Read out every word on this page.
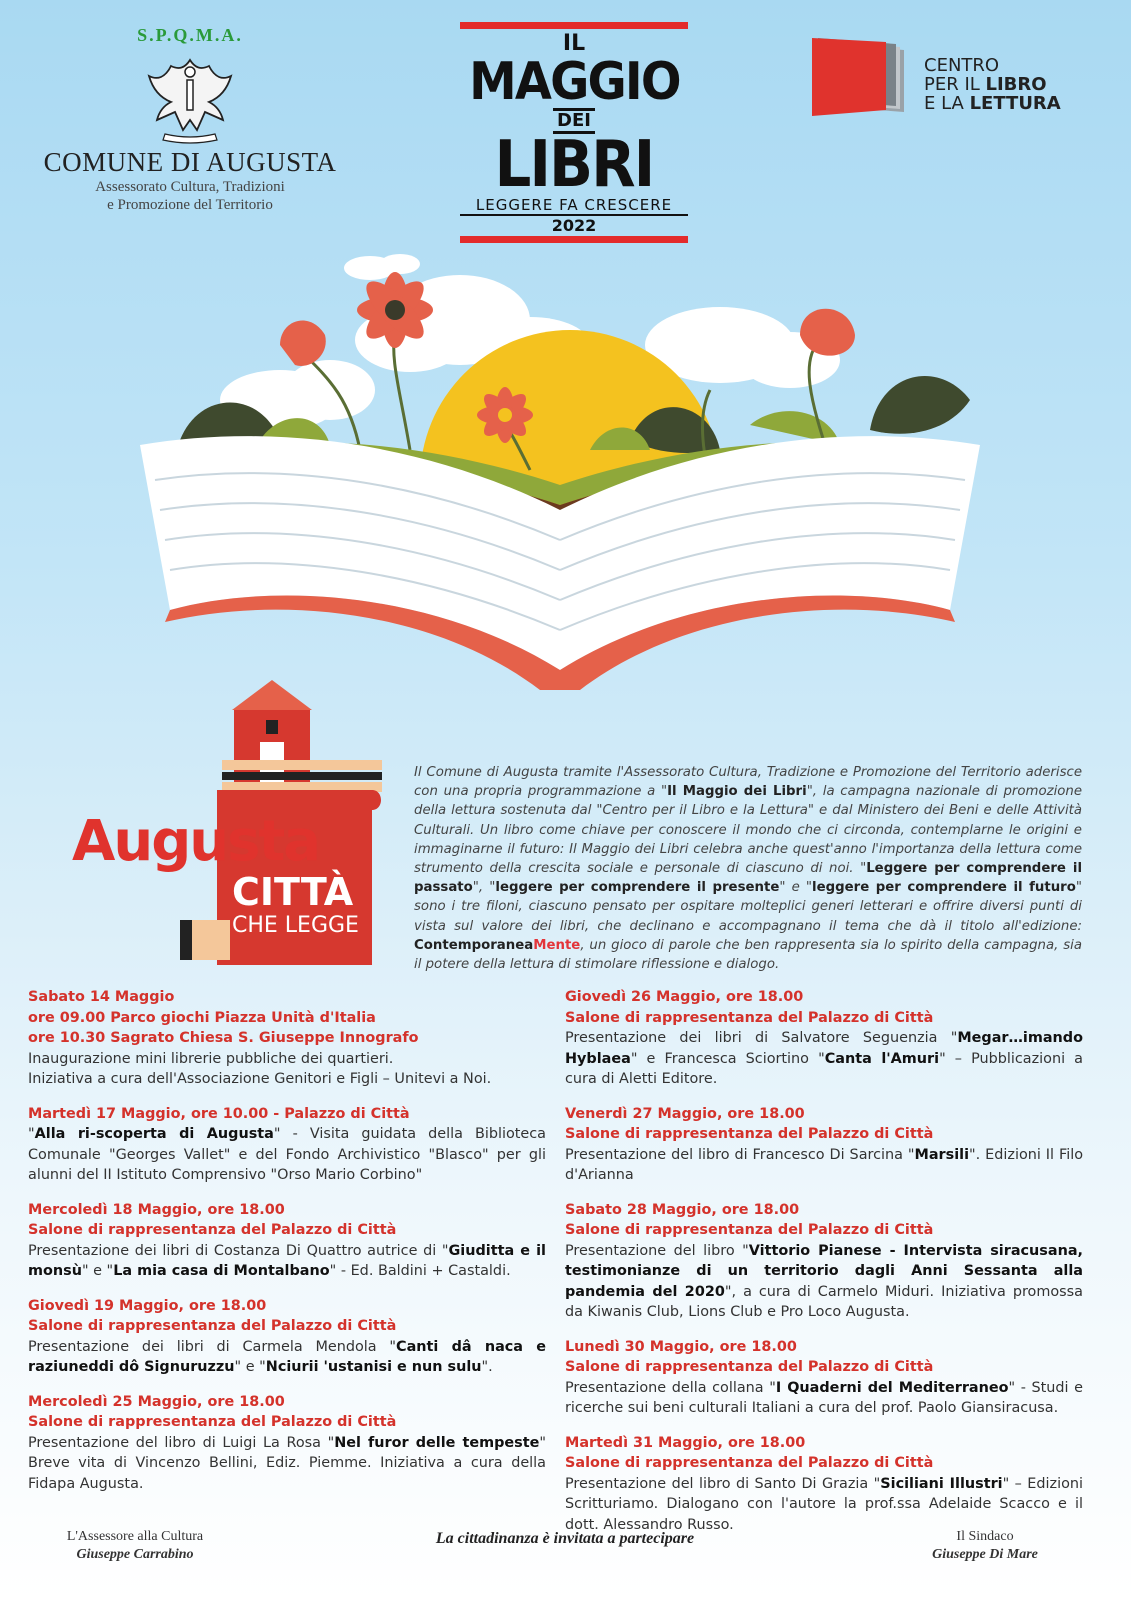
S.P.Q.M.A.
COMUNE DI AUGUSTA
Assessorato Cultura, Tradizioni
e Promozione del Territorio
IL
MAGGIO
DEI
LIBRI
LEGGERE FA CRESCERE
2022
CENTRO
PER IL LIBRO
E LA LETTURA
Augusta
CITTÀ
CHE LEGGE
Il Comune di Augusta tramite l'Assessorato Cultura, Tradizione e Promozione del Territorio aderisce con una propria programmazione a "Il Maggio dei Libri", la campagna nazionale di promozione della lettura sostenuta dal "Centro per il Libro e la Lettura" e dal Ministero dei Beni e delle Attività Culturali. Un libro come chiave per conoscere il mondo che ci circonda, contemplarne le origini e immaginarne il futuro: Il Maggio dei Libri celebra anche quest'anno l'importanza della lettura come strumento della crescita sociale e personale di ciascuno di noi. "Leggere per comprendere il passato", "leggere per comprendere il presente" e "leggere per comprendere il futuro" sono i tre filoni, ciascuno pensato per ospitare molteplici generi letterari e offrire diversi punti di vista sul valore dei libri, che declinano e accompagnano il tema che dà il titolo all'edizione: ContemporaneaMente, un gioco di parole che ben rappresenta sia lo spirito della campagna, sia il potere della lettura di stimolare riflessione e dialogo.
Sabato 14 Maggio
ore 09.00 Parco giochi Piazza Unità d'Italia
ore 10.30 Sagrato Chiesa S. Giuseppe Innografo
Inaugurazione mini librerie pubbliche dei quartieri.
Iniziativa a cura dell'Associazione Genitori e Figli – Unitevi a Noi.
Martedì 17 Maggio, ore 10.00 - Palazzo di Città
"Alla ri-scoperta di Augusta" - Visita guidata della Biblioteca Comunale "Georges Vallet" e del Fondo Archivistico "Blasco" per gli alunni del II Istituto Comprensivo "Orso Mario Corbino"
Mercoledì 18 Maggio, ore 18.00
Salone di rappresentanza del Palazzo di Città
Presentazione dei libri di Costanza Di Quattro autrice di "Giuditta e il monsù" e "La mia casa di Montalbano" - Ed. Baldini + Castaldi.
Giovedì 19 Maggio, ore 18.00
Salone di rappresentanza del Palazzo di Città
Presentazione dei libri di Carmela Mendola "Canti dâ naca e raziuneddi dô Signuruzzu" e "Nciurii 'ustanisi e nun sulu".
Mercoledì 25 Maggio, ore 18.00
Salone di rappresentanza del Palazzo di Città
Presentazione del libro di Luigi La Rosa "Nel furor delle tempeste" Breve vita di Vincenzo Bellini, Ediz. Piemme. Iniziativa a cura della Fidapa Augusta.
Giovedì 26 Maggio, ore 18.00
Salone di rappresentanza del Palazzo di Città
Presentazione dei libri di Salvatore Seguenzia "Megar…imando Hyblaea" e Francesca Sciortino "Canta l'Amuri" – Pubblicazioni a cura di Aletti Editore.
Venerdì 27 Maggio, ore 18.00
Salone di rappresentanza del Palazzo di Città
Presentazione del libro di Francesco Di Sarcina "Marsili". Edizioni Il Filo d'Arianna
Sabato 28 Maggio, ore 18.00
Salone di rappresentanza del Palazzo di Città
Presentazione del libro "Vittorio Pianese - Intervista siracusana, testimonianze di un territorio dagli Anni Sessanta alla pandemia del 2020", a cura di Carmelo Miduri. Iniziativa promossa da Kiwanis Club, Lions Club e Pro Loco Augusta.
Lunedì 30 Maggio, ore 18.00
Salone di rappresentanza del Palazzo di Città
Presentazione della collana "I Quaderni del Mediterraneo" - Studi e ricerche sui beni culturali Italiani a cura del prof. Paolo Giansiracusa.
Martedì 31 Maggio, ore 18.00
Salone di rappresentanza del Palazzo di Città
Presentazione del libro di Santo Di Grazia "Siciliani Illustri" – Edizioni Scritturiamo. Dialogano con l'autore la prof.ssa Adelaide Scacco e il dott. Alessandro Russo.
L'Assessore alla Cultura
Giuseppe Carrabino
La cittadinanza è invitata a partecipare	Il Sindaco
Giuseppe Di Mare
